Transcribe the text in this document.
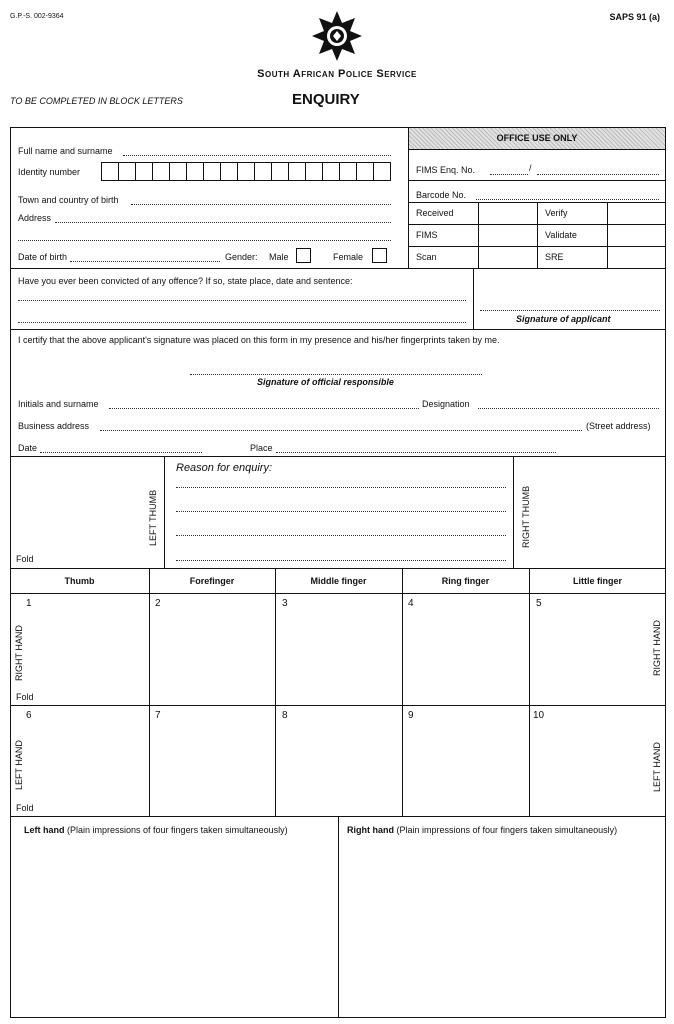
G.P.-S. 002-9364	SAPS 91 (a)
South African Police Service
TO BE COMPLETED IN BLOCK LETTERS	ENQUIRY
Full name and surname
Identity number
Town and country of birth
Address
Date of birth	Gender: Male	Female
OFFICE USE ONLY
FIMS Enq. No.	/
Barcode No.
Received	Verify
FIMS	Validate
Scan	SRE
Have you ever been convicted of any offence? If so, state place, date and sentence:
Signature of applicant
I certify that the above applicant's signature was placed on this form in my presence and his/her fingerprints taken by me.
Signature of official responsible
Initials and surname	Designation
Business address	(Street address)
Date	Place
LEFT THUMB	RIGHT THUMB
Reason for enquiry:
Fold
Thumb	Forefinger	Middle finger	Ring finger	Little finger
1	2	3	4	5
RIGHT HAND	RIGHT HAND
Fold
6	7	8	9	10
LEFT HAND	LEFT HAND
Fold
Left hand (Plain impressions of four fingers taken simultaneously)	Right hand (Plain impressions of four fingers taken simultaneously)
